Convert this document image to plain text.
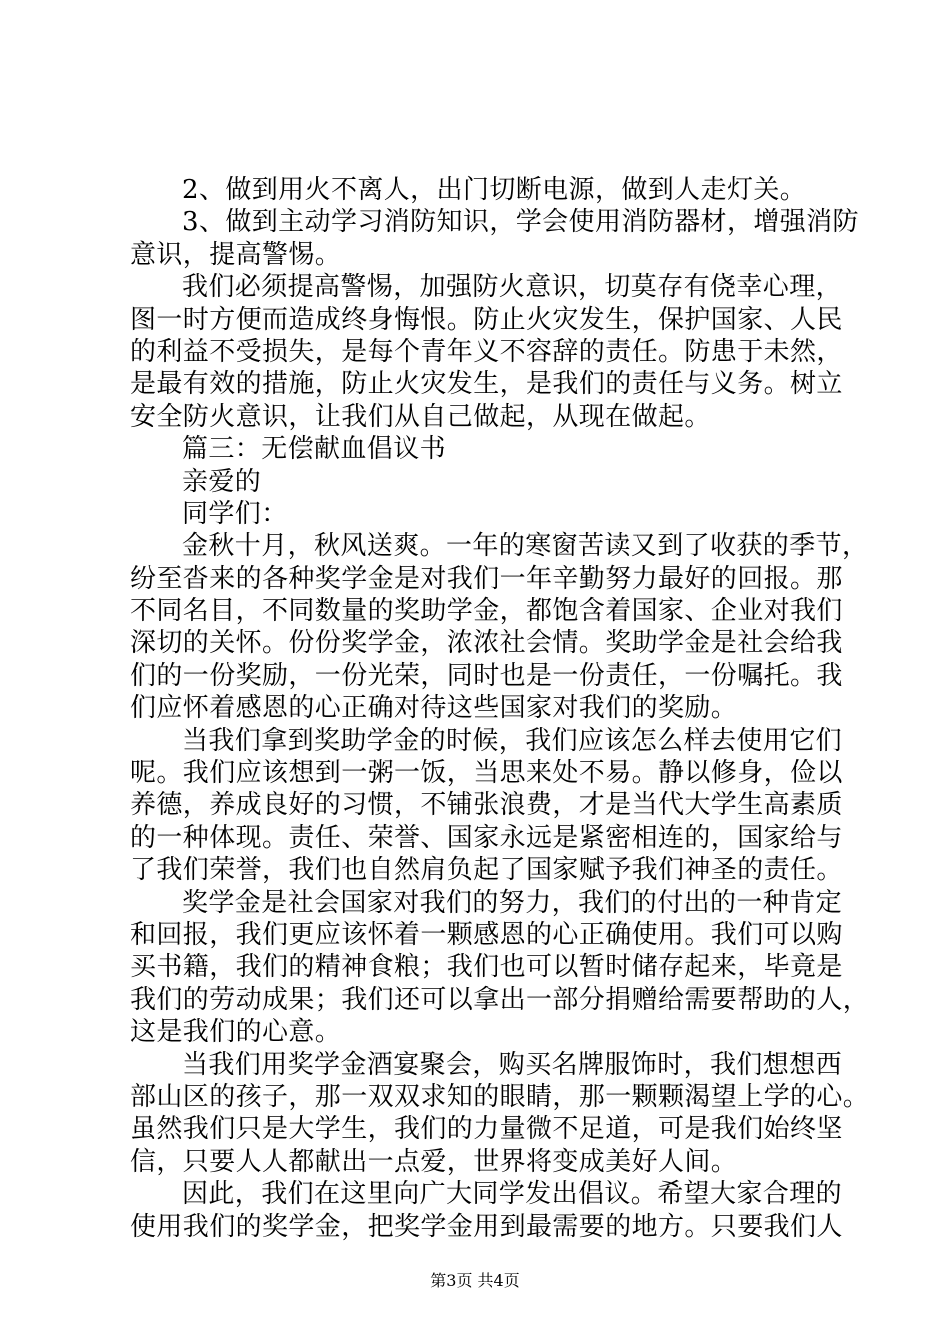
2、做到用火不离人，出门切断电源，做到人走灯关。
3、做到主动学习消防知识，学会使用消防器材，增强消防
意识，提高警惕。
我们必须提高警惕，加强防火意识，切莫存有侥幸心理，
图一时方便而造成终身悔恨。防止火灾发生，保护国家、人民
的利益不受损失，是每个青年义不容辞的责任。防患于未然，
是最有效的措施，防止火灾发生，是我们的责任与义务。树立
安全防火意识，让我们从自己做起，从现在做起。
篇三：无偿献血倡议书
亲爱的
同学们：
金秋十月，秋风送爽。一年的寒窗苦读又到了收获的季节，
纷至沓来的各种奖学金是对我们一年辛勤努力最好的回报。那
不同名目，不同数量的奖助学金，都饱含着国家、企业对我们
深切的关怀。份份奖学金，浓浓社会情。奖助学金是社会给我
们的一份奖励，一份光荣，同时也是一份责任，一份嘱托。我
们应怀着感恩的心正确对待这些国家对我们的奖励。
当我们拿到奖助学金的时候，我们应该怎么样去使用它们
呢。我们应该想到一粥一饭，当思来处不易。静以修身，俭以
养德，养成良好的习惯，不铺张浪费，才是当代大学生高素质
的一种体现。责任、荣誉、国家永远是紧密相连的，国家给与
了我们荣誉，我们也自然肩负起了国家赋予我们神圣的责任。
奖学金是社会国家对我们的努力，我们的付出的一种肯定
和回报，我们更应该怀着一颗感恩的心正确使用。我们可以购
买书籍，我们的精神食粮；我们也可以暂时储存起来，毕竟是
我们的劳动成果；我们还可以拿出一部分捐赠给需要帮助的人，
这是我们的心意。
当我们用奖学金酒宴聚会，购买名牌服饰时，我们想想西
部山区的孩子，那一双双求知的眼睛，那一颗颗渴望上学的心。
虽然我们只是大学生，我们的力量微不足道，可是我们始终坚
信，只要人人都献出一点爱，世界将变成美好人间。
因此，我们在这里向广大同学发出倡议。希望大家合理的
使用我们的奖学金，把奖学金用到最需要的地方。只要我们人
第3页 共4页
